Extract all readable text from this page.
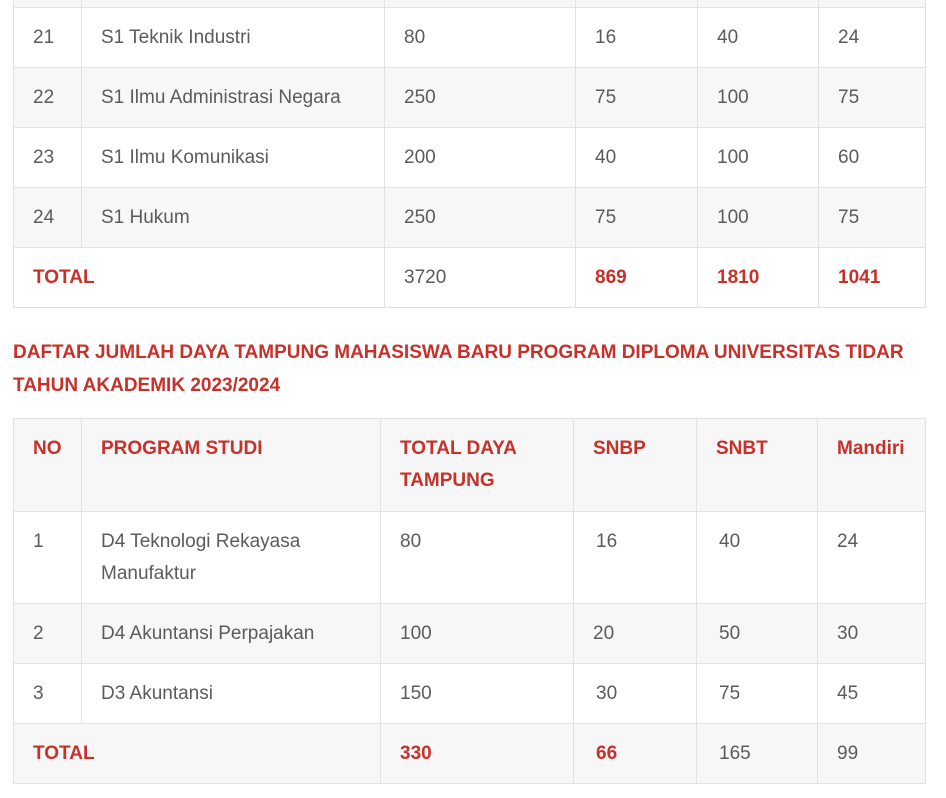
21	S1 Teknik Industri	80	16	40	24
22	S1 Ilmu Administrasi Negara	250	75	100	75
23	S1 Ilmu Komunikasi	200	40	100	60
24	S1 Hukum	250	75	100	75
TOTAL		3720	869	1810	1041

DAFTAR JUMLAH DAYA TAMPUNG MAHASISWA BARU PROGRAM DIPLOMA UNIVERSITAS TIDAR TAHUN AKADEMIK 2023/2024

NO	PROGRAM STUDI	TOTAL DAYA TAMPUNG	SNBP	SNBT	Mandiri
1	D4 Teknologi Rekayasa Manufaktur	80	16	40	24
2	D4 Akuntansi Perpajakan	100	20	50	30
3	D3 Akuntansi	150	30	75	45
TOTAL		330	66	165	99
